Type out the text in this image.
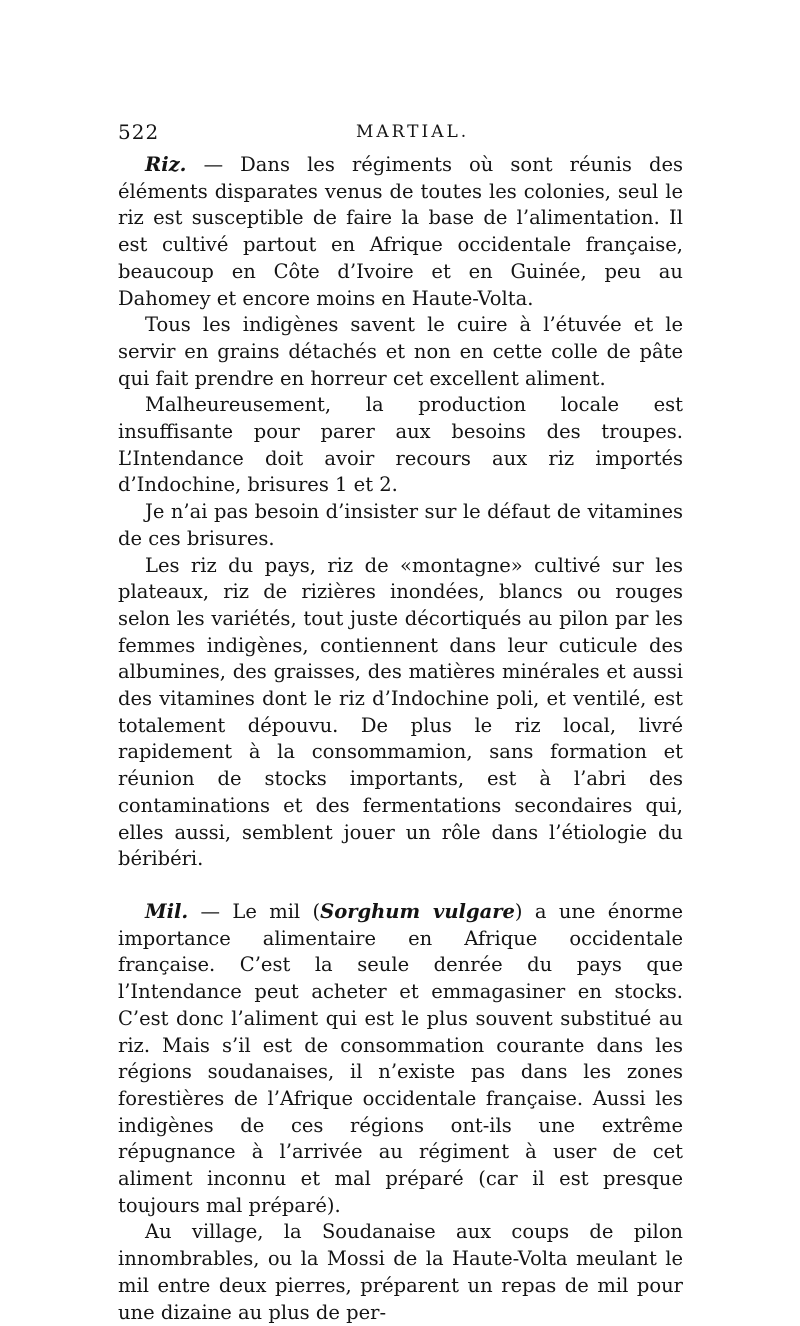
522	MARTIAL.

Riz. — Dans les régiments où sont réunis des éléments disparates venus de toutes les colonies, seul le riz est susceptible de faire la base de l’alimentation. Il est cultivé partout en Afrique occidentale française, beaucoup en Côte d’Ivoire et en Guinée, peu au Dahomey et encore moins en Haute-Volta.

Tous les indigènes savent le cuire à l’étuvée et le servir en grains détachés et non en cette colle de pâte qui fait prendre en horreur cet excellent aliment.

Malheureusement, la production locale est insuffisante pour parer aux besoins des troupes. L’Intendance doit avoir recours aux riz importés d’Indochine, brisures 1 et 2.

Je n’ai pas besoin d’insister sur le défaut de vitamines de ces brisures.

Les riz du pays, riz de «montagne» cultivé sur les plateaux, riz de rizières inondées, blancs ou rouges selon les variétés, tout juste décortiqués au pilon par les femmes indigènes, contiennent dans leur cuticule des albumines, des graisses, des matières minérales et aussi des vitamines dont le riz d’Indochine poli, et ventilé, est totalement dépouvu. De plus le riz local, livré rapidement à la consommamion, sans formation et réunion de stocks importants, est à l’abri des contaminations et des fermentations secondaires qui, elles aussi, semblent jouer un rôle dans l’étiologie du béribéri.

Mil. — Le mil (Sorghum vulgare) a une énorme importance alimentaire en Afrique occidentale française. C’est la seule denrée du pays que l’Intendance peut acheter et emmagasiner en stocks. C’est donc l’aliment qui est le plus souvent substitué au riz. Mais s’il est de consommation courante dans les régions soudanaises, il n’existe pas dans les zones forestières de l’Afrique occidentale française. Aussi les indigènes de ces régions ont-ils une extrême répugnance à l’arrivée au régiment à user de cet aliment inconnu et mal préparé (car il est presque toujours mal préparé).

Au village, la Soudanaise aux coups de pilon innombrables, ou la Mossi de la Haute-Volta meulant le mil entre deux pierres, préparent un repas de mil pour une dizaine au plus de per-
